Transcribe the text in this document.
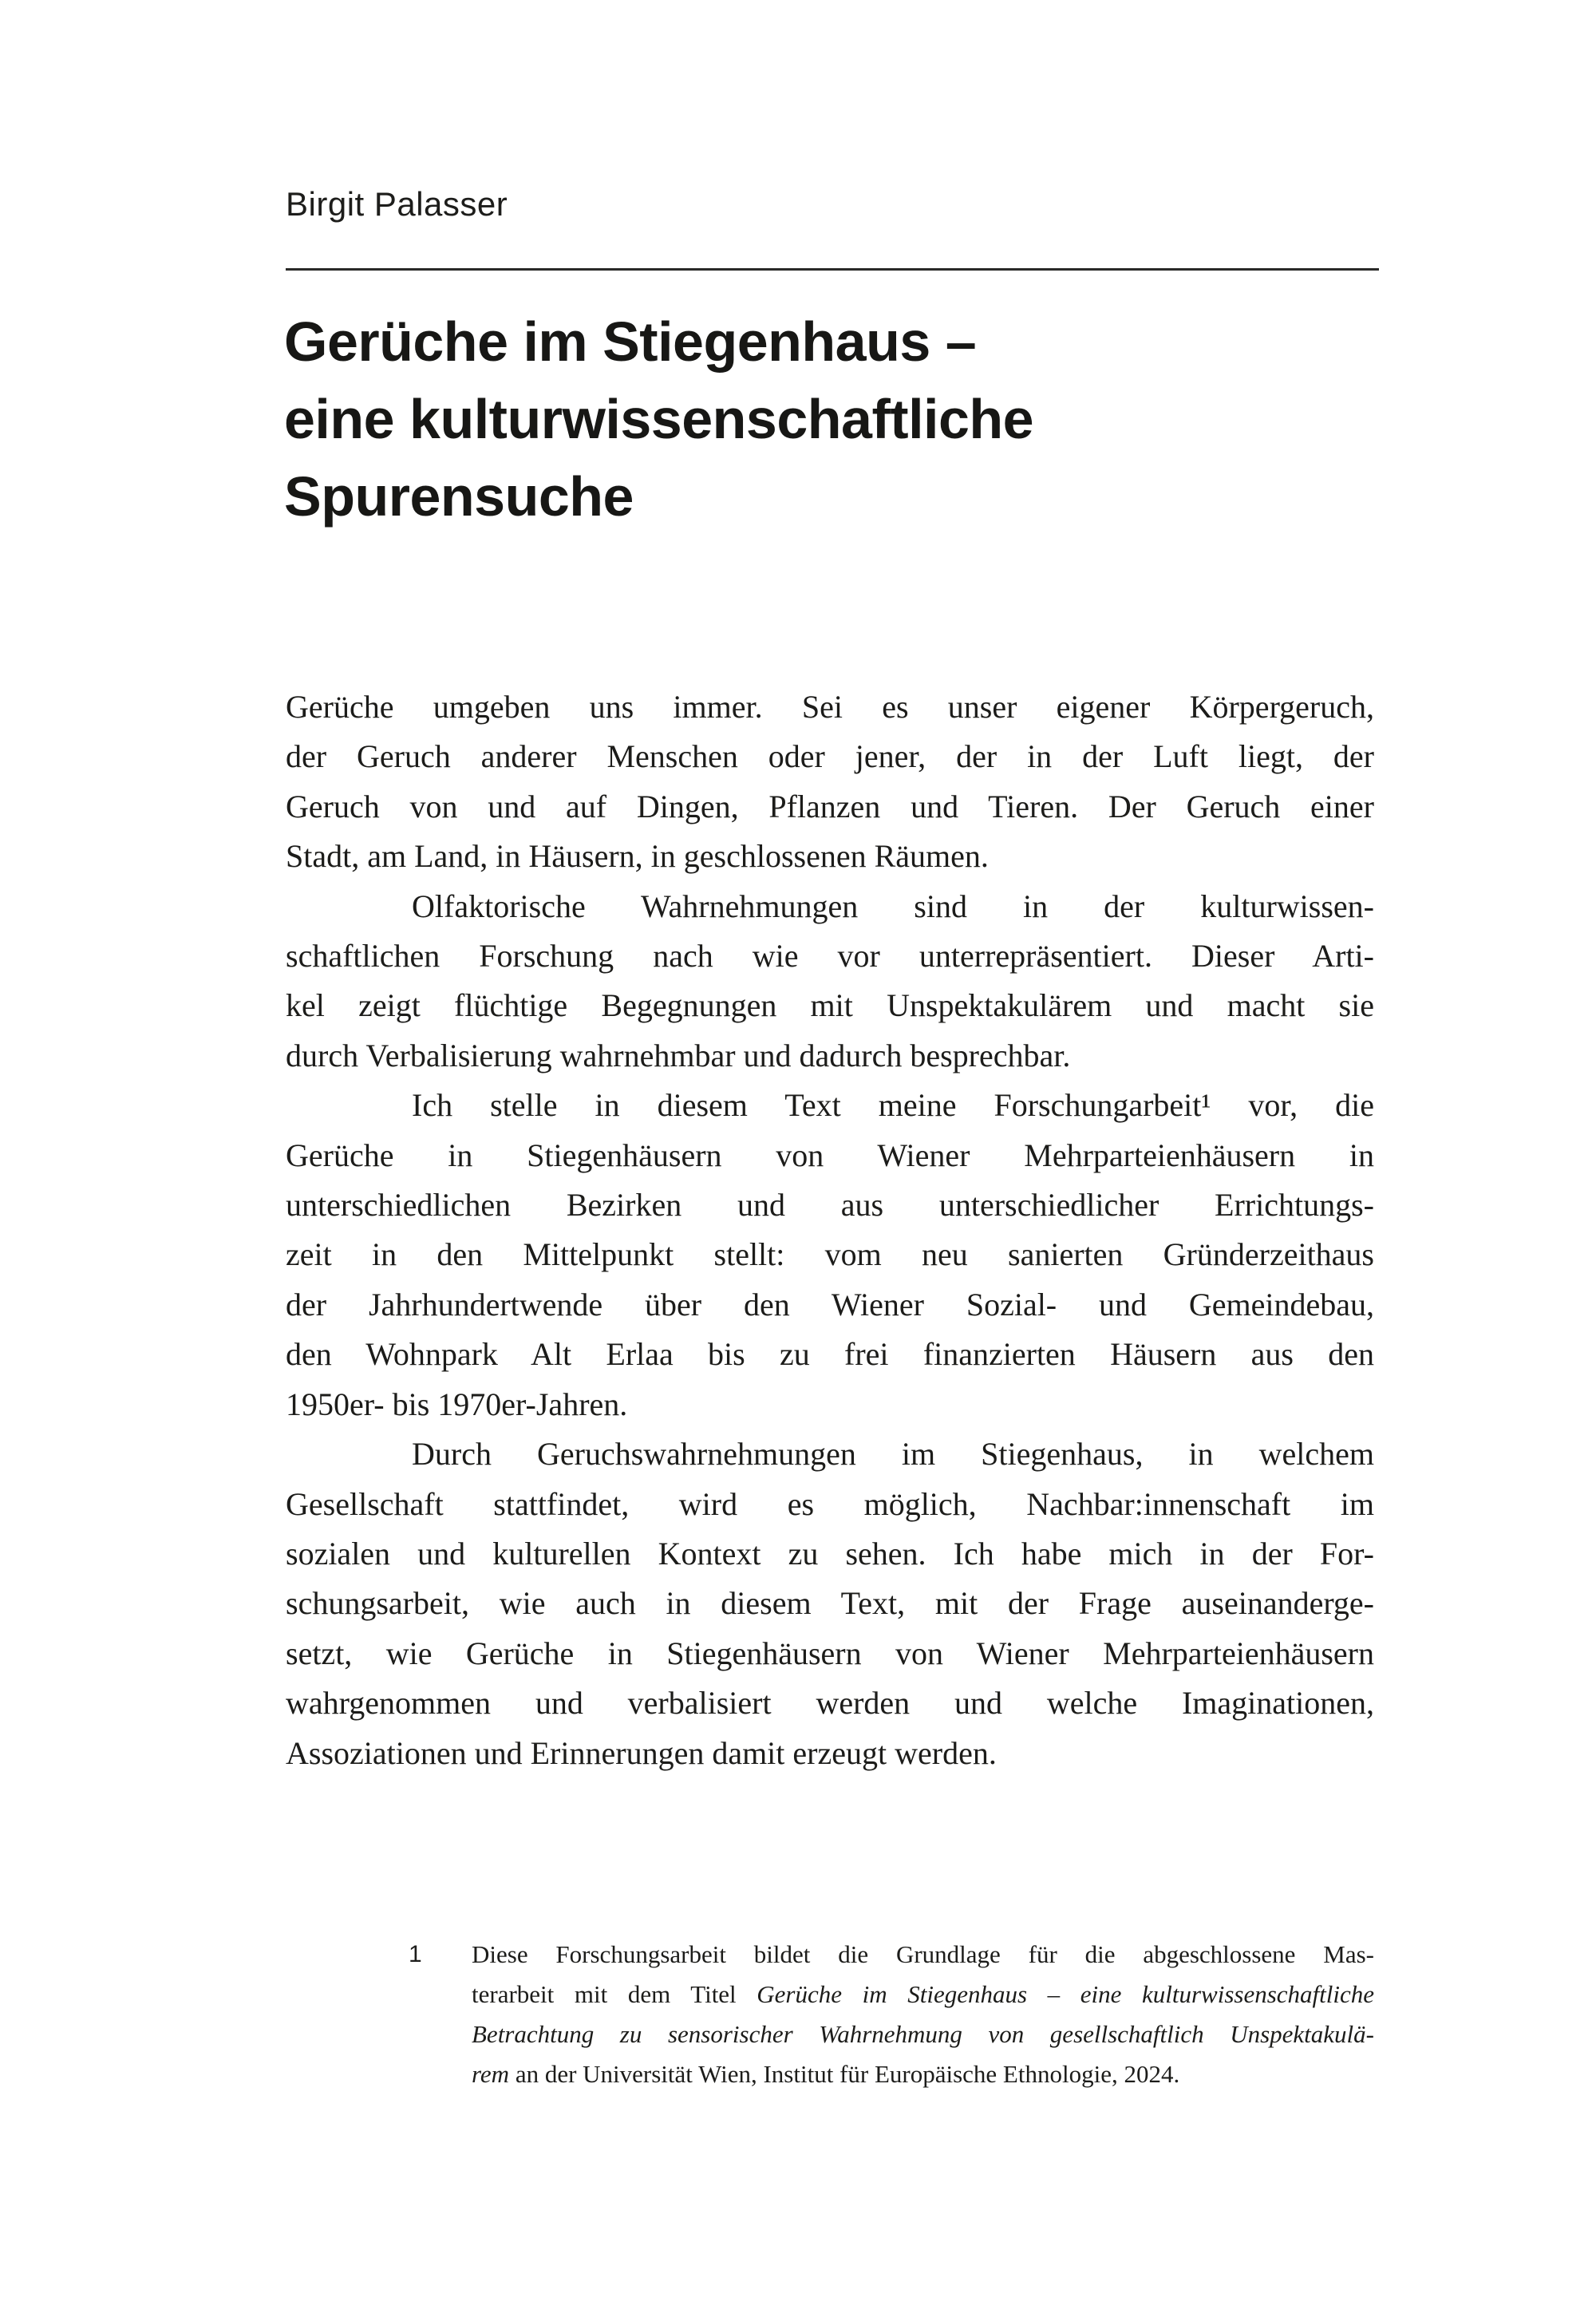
Birgit Palasser
Gerüche im Stiegenhaus –
eine kulturwissenschaftliche
Spurensuche
Gerüche umgeben uns immer. Sei es unser eigener Körpergeruch,
der Geruch anderer Menschen oder jener, der in der Luft liegt, der
Geruch von und auf Dingen, Pflanzen und Tieren. Der Geruch einer
Stadt, am Land, in Häusern, in geschlossenen Räumen.
Olfaktorische Wahrnehmungen sind in der kulturwissen-
schaftlichen Forschung nach wie vor unterrepräsentiert. Dieser Arti-
kel zeigt flüchtige Begegnungen mit Unspektakulärem und macht sie
durch Verbalisierung wahrnehmbar und dadurch besprechbar.
Ich stelle in diesem Text meine Forschungarbeit¹ vor, die
Gerüche in Stiegenhäusern von Wiener Mehrparteienhäusern in
unterschiedlichen Bezirken und aus unterschiedlicher Errichtungs-
zeit in den Mittelpunkt stellt: vom neu sanierten Gründerzeithaus
der Jahrhundertwende über den Wiener Sozial- und Gemeindebau,
den Wohnpark Alt Erlaa bis zu frei finanzierten Häusern aus den
1950er- bis 1970er-Jahren.
Durch Geruchswahrnehmungen im Stiegenhaus, in welchem
Gesellschaft stattfindet, wird es möglich, Nachbar:innenschaft im
sozialen und kulturellen Kontext zu sehen. Ich habe mich in der For-
schungsarbeit, wie auch in diesem Text, mit der Frage auseinanderge-
setzt, wie Gerüche in Stiegenhäusern von Wiener Mehrparteienhäusern
wahrgenommen und verbalisiert werden und welche Imaginationen,
Assoziationen und Erinnerungen damit erzeugt werden.
1 Diese Forschungsarbeit bildet die Grundlage für die abgeschlossene Mas-
terarbeit mit dem Titel Gerüche im Stiegenhaus – eine kulturwissenschaftliche
Betrachtung zu sensorischer Wahrnehmung von gesellschaftlich Unspektakulä-
rem an der Universität Wien, Institut für Europäische Ethnologie, 2024.
